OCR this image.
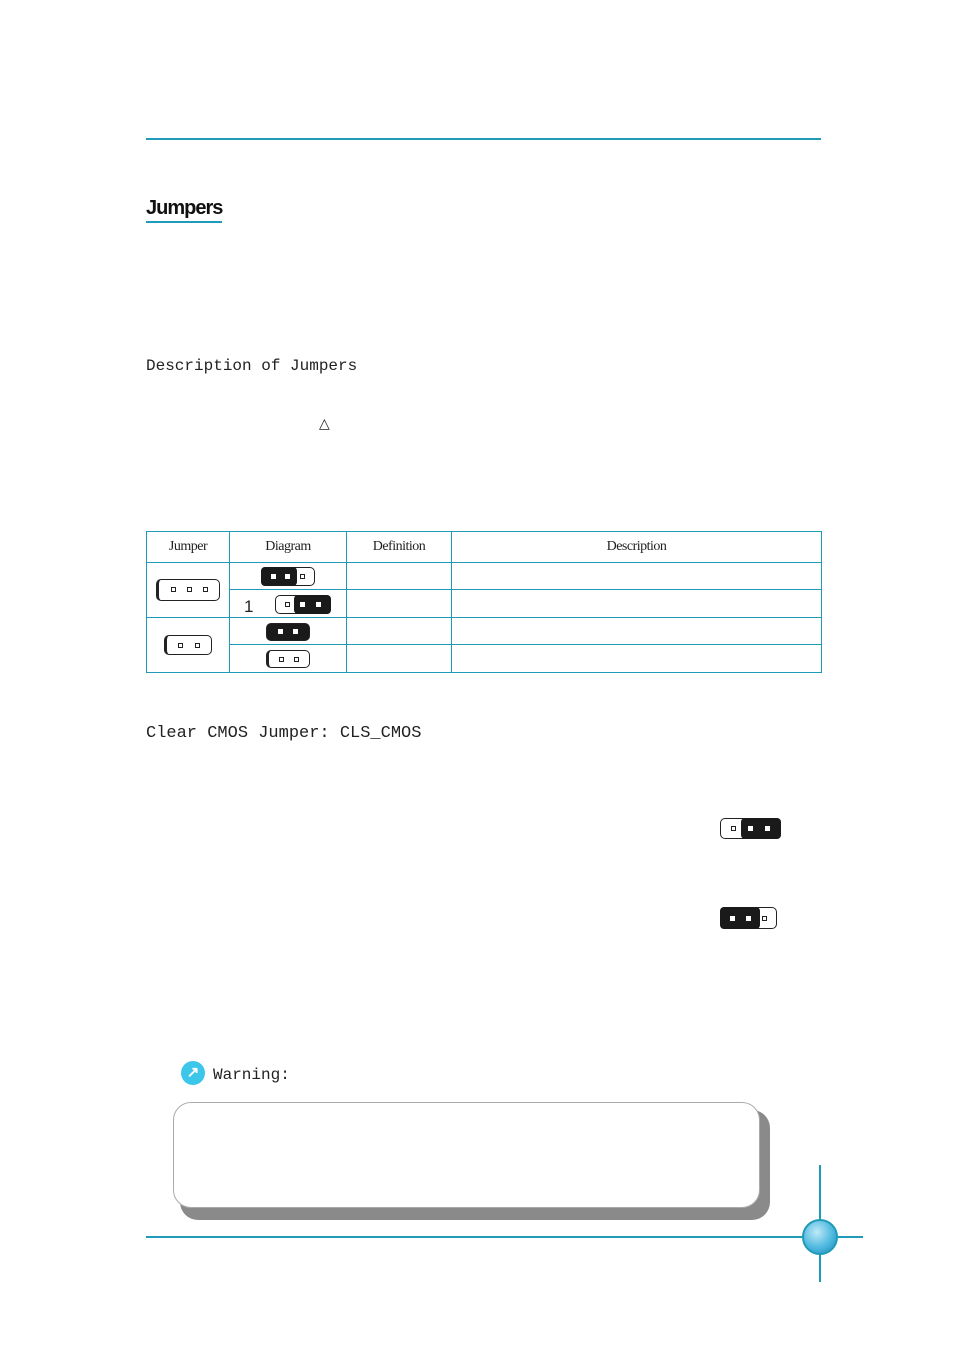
Jumpers
Description of Jumpers
△
Jumper	Diagram	Definition	Description

1
Clear CMOS Jumper: CLS_CMOS
↗ Warning:
